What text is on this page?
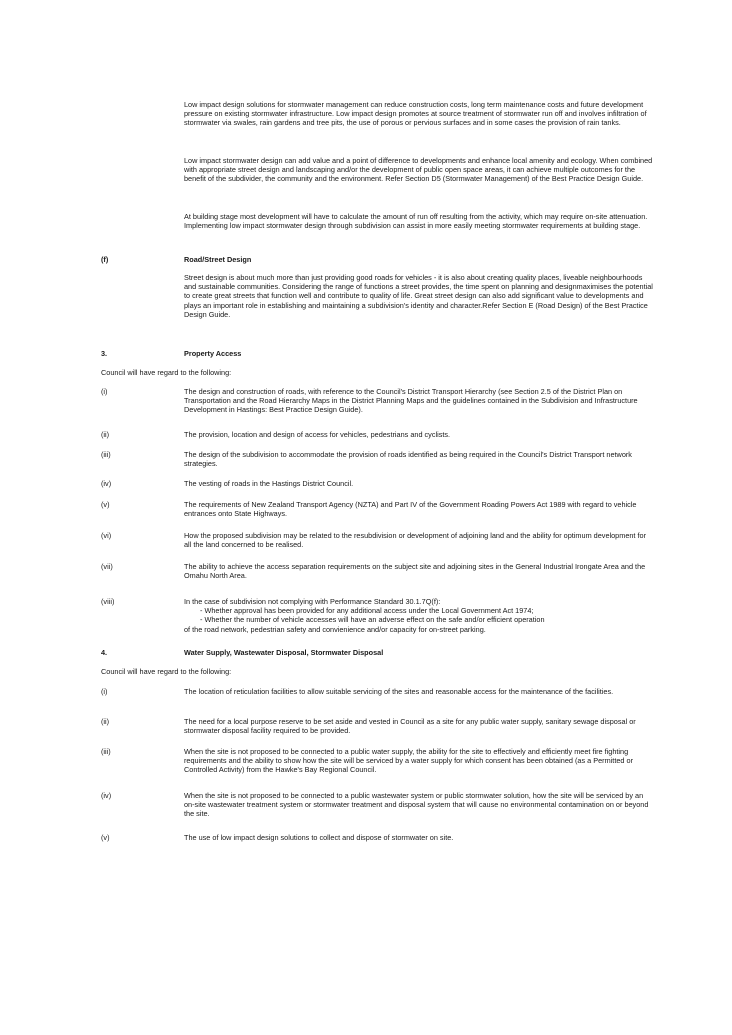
Low impact design solutions for stormwater management can reduce construction costs, long term maintenance costs and future development pressure on existing stormwater infrastructure. Low impact design promotes at source treatment of stormwater run off and involves infiltration of stormwater via swales, rain gardens and tree pits, the use of porous or pervious surfaces and in some cases the provision of rain tanks.

Low impact stormwater design can add value and a point of difference to developments and enhance local amenity and ecology. When combined with appropriate street design and landscaping and/or the development of public open space areas, it can achieve multiple outcomes for the benefit of the subdivider, the community and the environment. Refer Section D5 (Stormwater Management) of the Best Practice Design Guide.

At building stage most development will have to calculate the amount of run off resulting from the activity, which may require on-site attenuation. Implementing low impact stormwater design through subdivision can assist in more easily meeting stormwater requirements at building stage.

(f)	Road/Street Design

Street design is about much more than just providing good roads for vehicles - it is also about creating quality places, liveable neighbourhoods and sustainable communities. Considering the range of functions a street provides, the time spent on planning and designmaximises the potential to create great streets that function well and contribute to quality of life. Great street design can also add significant value to developments and plays an important role in establishing and maintaining a subdivision's identity and character.Refer Section E (Road Design) of the Best Practice Design Guide.

3.	Property Access

Council will have regard to the following:

(i)	The design and construction of roads, with reference to the Council's District Transport Hierarchy (see Section 2.5 of the District Plan on Transportation and the Road Hierarchy Maps in the District Planning Maps and the guidelines contained in the Subdivision and Infrastructure Development in Hastings: Best Practice Design Guide).

(ii)	The provision, location and design of access for vehicles, pedestrians and cyclists.

(iii)	The design of the subdivision to accommodate the provision of roads identified as being required in the Council's District Transport network strategies.

(iv)	The vesting of roads in the Hastings District Council.

(v)	The requirements of New Zealand Transport Agency (NZTA) and Part IV of the Government Roading Powers Act 1989 with regard to vehicle entrances onto State Highways.

(vi)	How the proposed subdivision may be related to the resubdivision or development of adjoining land and the ability for optimum development for all the land concerned to be realised.

(vii)	The ability to achieve the access separation requirements on the subject site and adjoining sites in the General Industrial Irongate Area and the Omahu North Area.

(viii)	In the case of subdivision not complying with Performance Standard 30.1.7Q(f):
- Whether approval has been provided for any additional access under the Local Government Act 1974;
- Whether the number of vehicle accesses will have an adverse effect on the safe and/or efficient operation
of the road network, pedestrian safety and convienience and/or capacity for on-street parking.

4.	Water Supply, Wastewater Disposal, Stormwater Disposal

Council will have regard to the following:

(i)	The location of reticulation facilities to allow suitable servicing of the sites and reasonable access for the maintenance of the facilities.

(ii)	The need for a local purpose reserve to be set aside and vested in Council as a site for any public water supply, sanitary sewage disposal or stormwater disposal facility required to be provided.

(iii)	When the site is not proposed to be connected to a public water supply, the ability for the site to effectively and efficiently meet fire fighting requirements and the ability to show how the site will be serviced by a water supply for which consent has been obtained (as a Permitted or Controlled Activity) from the Hawke's Bay Regional Council.

(iv)	When the site is not proposed to be connected to a public wastewater system or public stormwater solution, how the site will be serviced by an on-site wastewater treatment system or stormwater treatment and disposal system that will cause no environmental contamination on or beyond the site.

(v)	The use of low impact design solutions to collect and dispose of stormwater on site.
